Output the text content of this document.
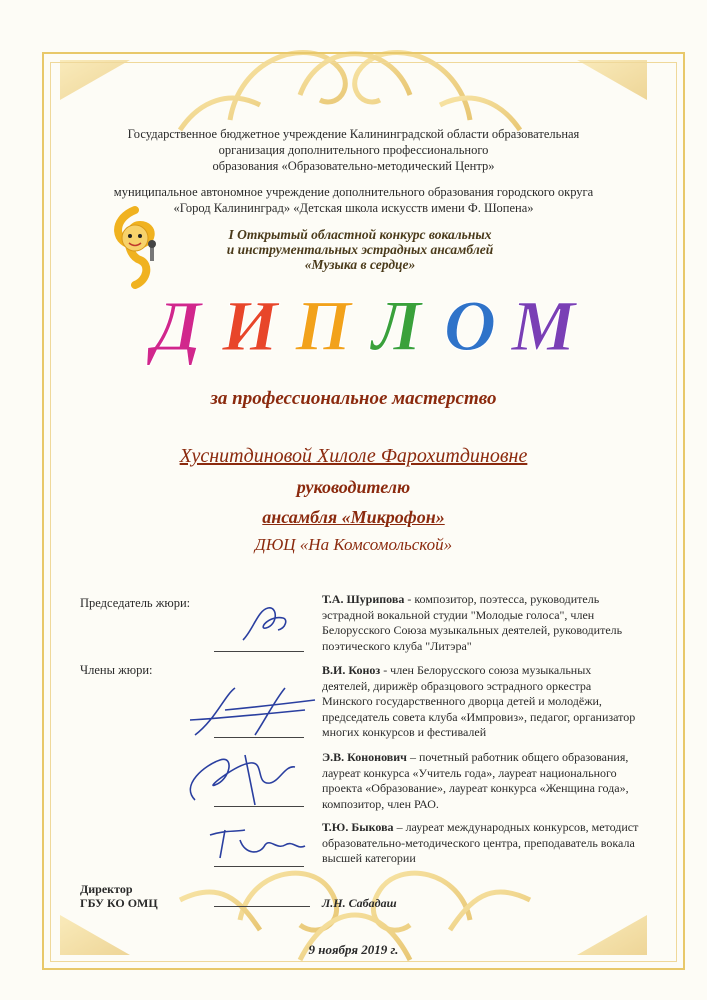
Государственное бюджетное учреждение Калининградской области образовательная
организация дополнительного профессионального
образования «Образовательно-методический Центр»
муниципальное автономное учреждение дополнительного образования городского округа
«Город Калининград» «Детская школа искусств имени Ф. Шопена»
I Открытый областной конкурс вокальных
и инструментальных эстрадных ансамблей
«Музыка в сердце»
Д И П Л О М
за профессиональное мастерство
Хуснитдиновой Хилоле Фарохитдиновне
руководителю
ансамбля «Микрофон»
ДЮЦ «На Комсомольской»
Председатель жюри:
Члены жюри:
Т.А. Шурипова - композитор, поэтесса, руководитель эстрадной вокальной студии "Молодые голоса", член Белорусского Союза музыкальных деятелей, руководитель поэтического клуба "Литэра"
В.И. Коноз - член Белорусского союза музыкальных деятелей, дирижёр образцового эстрадного оркестра Минского государственного дворца детей и молодёжи, председатель совета клуба «Импровиз», педагог, организатор многих конкурсов и фестивалей
Э.В. Кононович – почетный работник общего образования, лауреат конкурса «Учитель года», лауреат национального проекта «Образование», лауреат конкурса «Женщина года», композитор, член РАО.
Т.Ю. Быкова – лауреат международных конкурсов, методист образовательно-методического центра, преподаватель вокала высшей категории
Директор
ГБУ КО ОМЦ	Л.Н. Сабадаш
9 ноября 2019 г.
